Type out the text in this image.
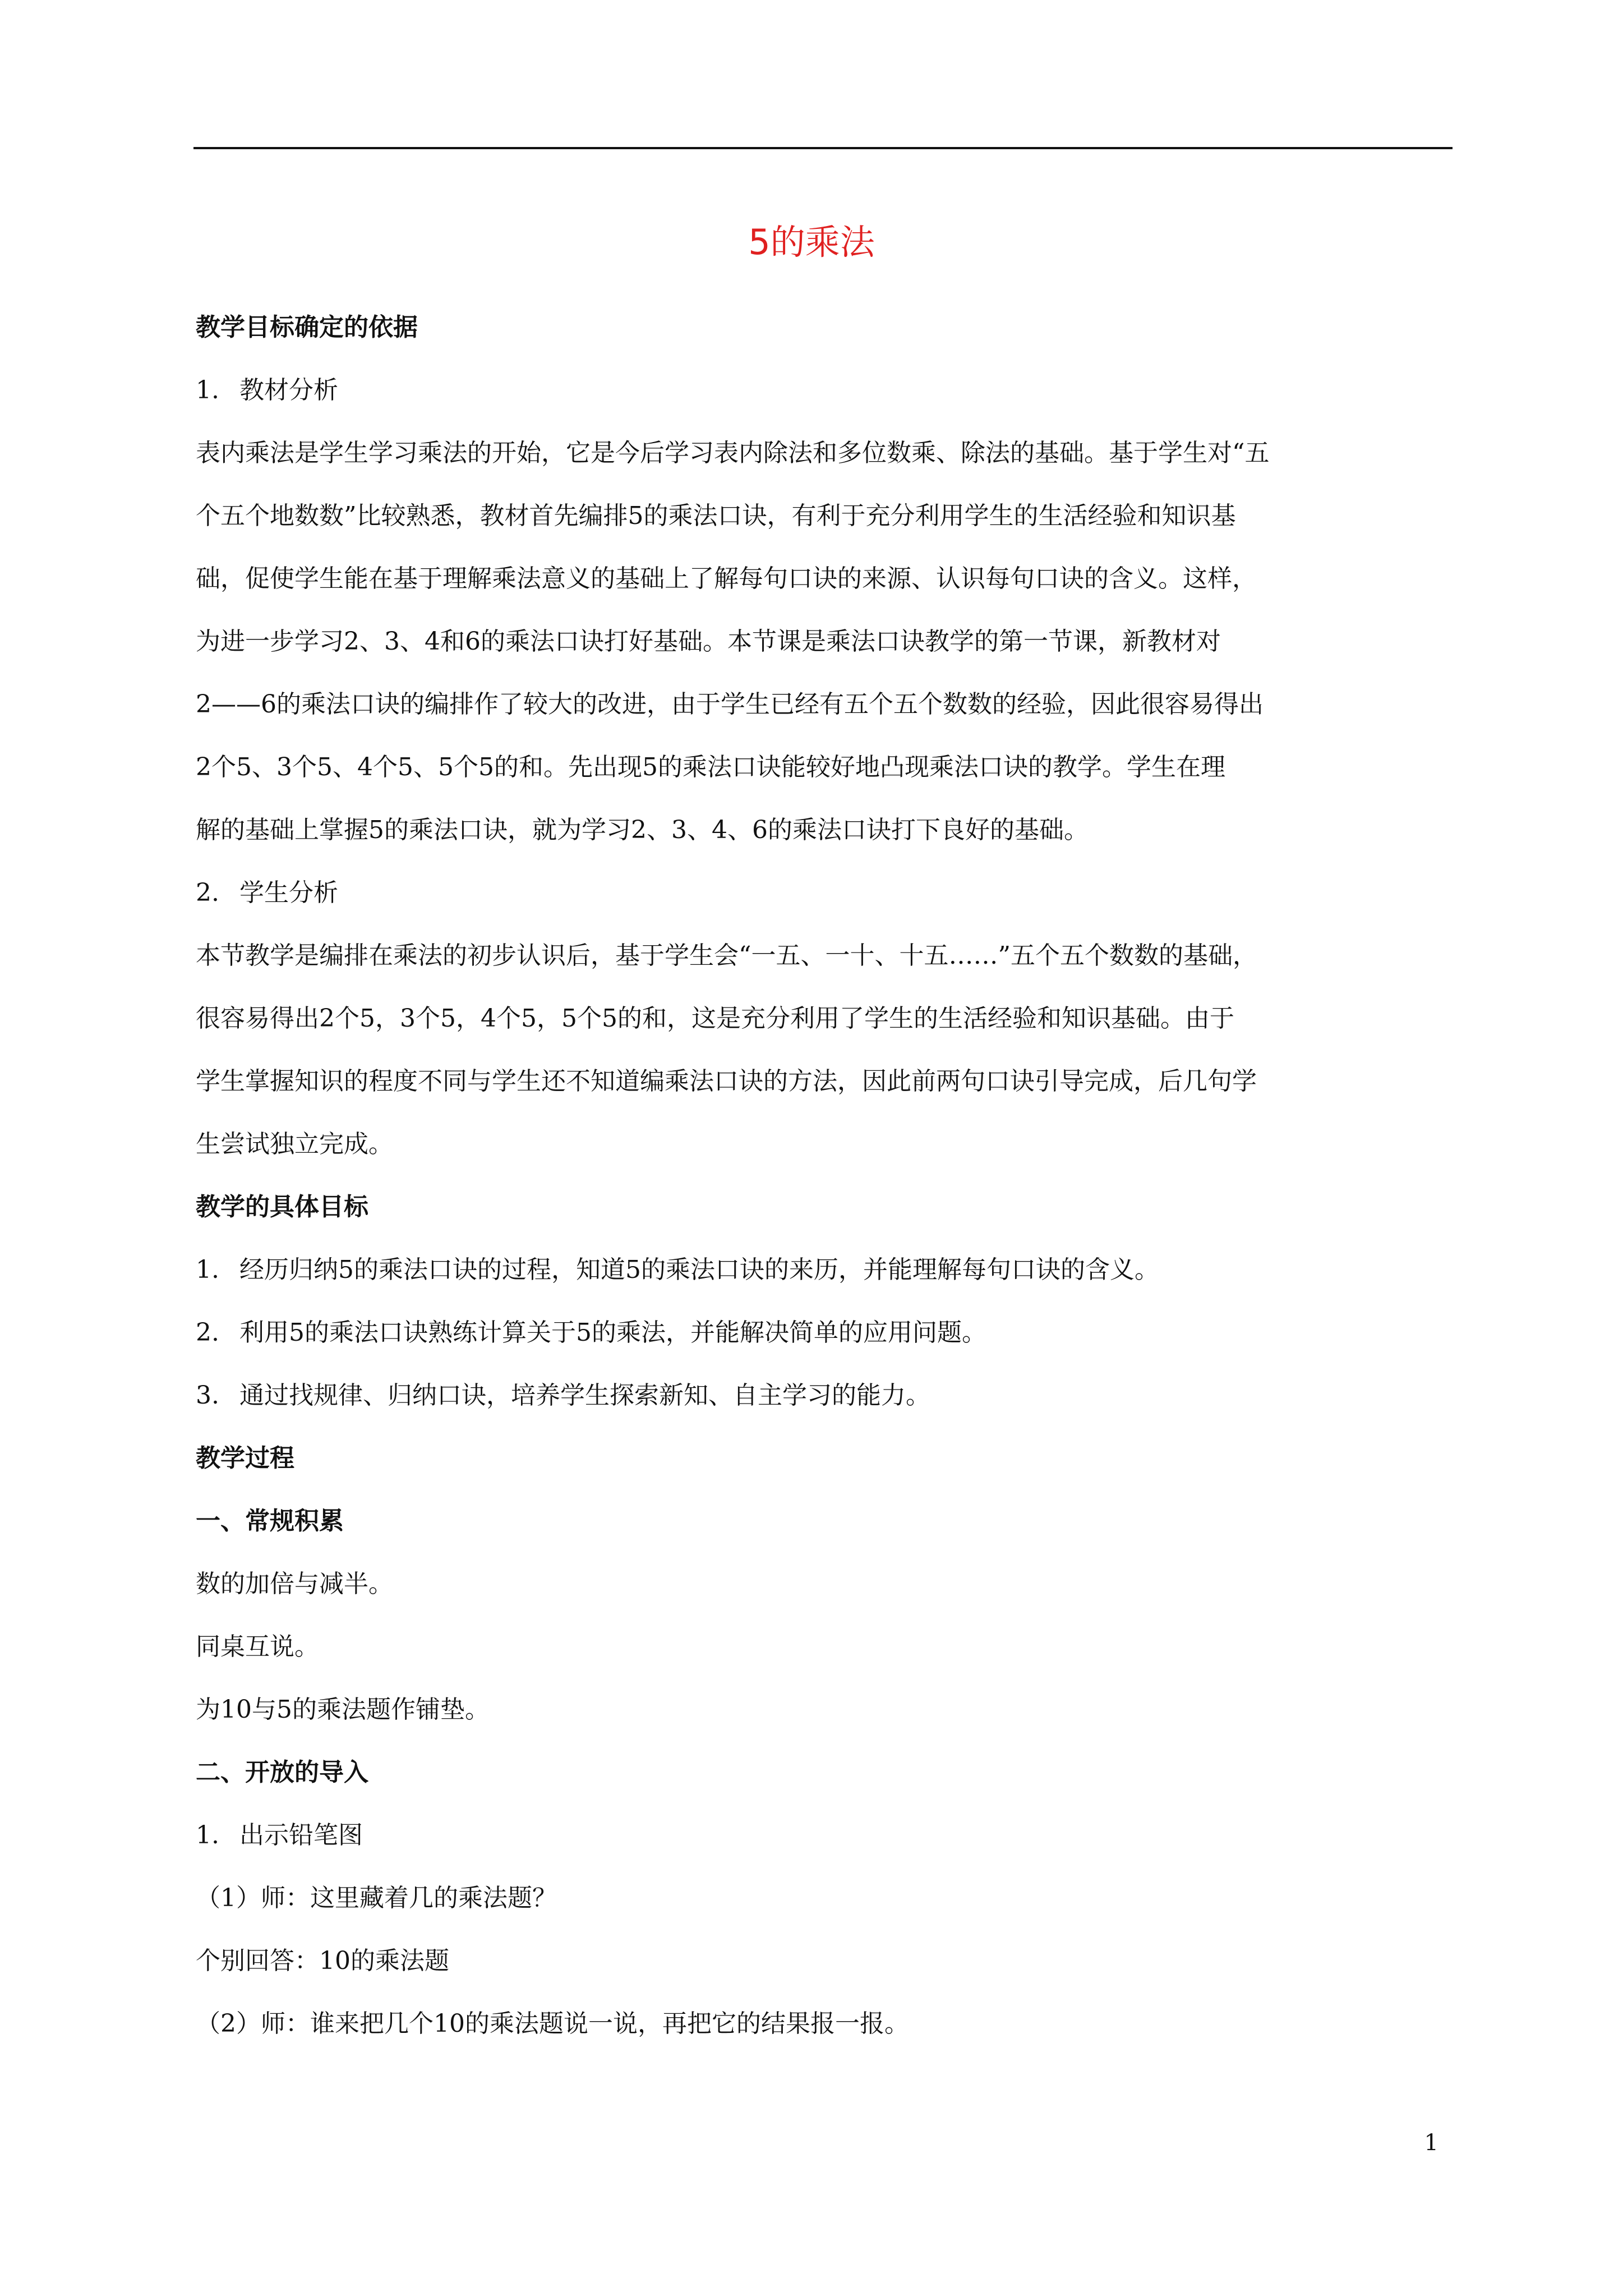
5的乘法
教学目标确定的依据
1. 教材分析
表内乘法是学生学习乘法的开始，它是今后学习表内除法和多位数乘、除法的基础。基于学生对“五
个五个地数数”比较熟悉，教材首先编排5的乘法口诀，有利于充分利用学生的生活经验和知识基
础，促使学生能在基于理解乘法意义的基础上了解每句口诀的来源、认识每句口诀的含义。这样，
为进一步学习2、3、4和6的乘法口诀打好基础。本节课是乘法口诀教学的第一节课，新教材对
2——6的乘法口诀的编排作了较大的改进，由于学生已经有五个五个数数的经验，因此很容易得出
2个5、3个5、4个5、5个5的和。先出现5的乘法口诀能较好地凸现乘法口诀的教学。学生在理
解的基础上掌握5的乘法口诀，就为学习2、3、4、6的乘法口诀打下良好的基础。
2. 学生分析
本节教学是编排在乘法的初步认识后，基于学生会“一五、一十、十五……”五个五个数数的基础，
很容易得出2个5，3个5，4个5，5个5的和，这是充分利用了学生的生活经验和知识基础。由于
学生掌握知识的程度不同与学生还不知道编乘法口诀的方法，因此前两句口诀引导完成，后几句学
生尝试独立完成。
教学的具体目标
1. 经历归纳5的乘法口诀的过程，知道5的乘法口诀的来历，并能理解每句口诀的含义。
2. 利用5的乘法口诀熟练计算关于5的乘法，并能解决简单的应用问题。
3. 通过找规律、归纳口诀，培养学生探索新知、自主学习的能力。
教学过程
一、常规积累
数的加倍与减半。
同桌互说。
为10与5的乘法题作铺垫。
二、开放的导入
1. 出示铅笔图
（1）师：这里藏着几的乘法题？
个别回答：10的乘法题
（2）师：谁来把几个10的乘法题说一说，再把它的结果报一报。
1
